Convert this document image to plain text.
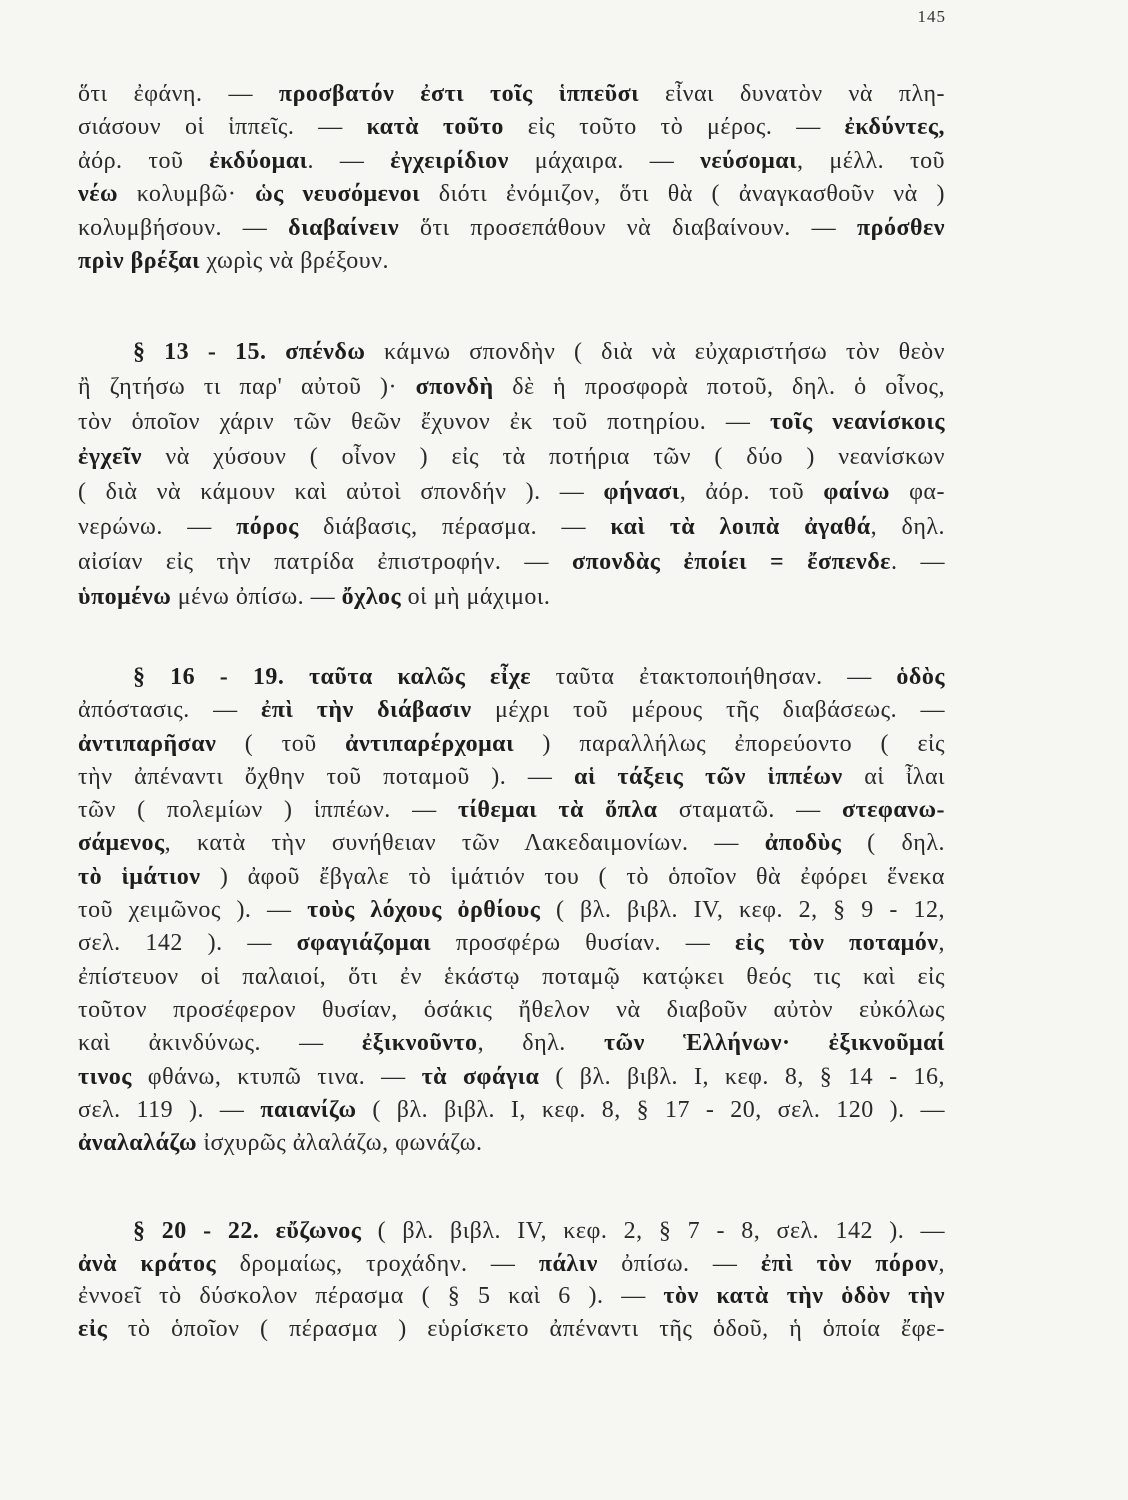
145
ὅτι ἐφάνη. — προσβατόν ἐστι τοῖς ἱππεῦσι εἶναι δυνατὸν νὰ πλη-
σιάσουν οἱ ἱππεῖς. — κατὰ τοῦτο εἰς τοῦτο τὸ μέρος. — ἐκδύντες,
ἀόρ. τοῦ ἐκδύομαι. — ἐγχειρίδιον μάχαιρα. — νεύσομαι, μέλλ. τοῦ
νέω κολυμβῶ· ὡς νευσόμενοι διότι ἐνόμιζον, ὅτι θὰ ( ἀναγκασθοῦν νὰ )
κολυμβήσουν. — διαβαίνειν ὅτι προσεπάθουν νὰ διαβαίνουν. — πρόσθεν
πρὶν βρέξαι χωρὶς νὰ βρέξουν.
§ 13 - 15. σπένδω κάμνω σπονδὴν ( διὰ νὰ εὐχαριστήσω τὸν θεὸν
ἢ ζητήσω τι παρ' αὐτοῦ )· σπονδὴ δὲ ἡ προσφορὰ ποτοῦ, δηλ. ὁ οἶνος,
τὸν ὁποῖον χάριν τῶν θεῶν ἔχυνον ἐκ τοῦ ποτηρίου. — τοῖς νεανίσκοις
ἐγχεῖν νὰ χύσουν ( οἶνον ) εἰς τὰ ποτήρια τῶν ( δύο ) νεανίσκων
( διὰ νὰ κάμουν καὶ αὐτοὶ σπονδήν ). — φήνασι, ἀόρ. τοῦ φαίνω φα-
νερώνω. — πόρος διάβασις, πέρασμα. — καὶ τὰ λοιπὰ ἀγαθά, δηλ.
αἰσίαν εἰς τὴν πατρίδα ἐπιστροφήν. — σπονδὰς ἐποίει = ἔσπενδε. —
ὑπομένω μένω ὀπίσω. — ὄχλος οἱ μὴ μάχιμοι.
§ 16 - 19. ταῦτα καλῶς εἶχε ταῦτα ἐτακτοποιήθησαν. — ὁδὸς
ἀπόστασις. — ἐπὶ τὴν διάβασιν μέχρι τοῦ μέρους τῆς διαβάσεως. —
ἀντιπαρῆσαν ( τοῦ ἀντιπαρέρχομαι ) παραλλήλως ἐπορεύοντο ( εἰς
τὴν ἀπέναντι ὄχθην τοῦ ποταμοῦ ). — αἱ τάξεις τῶν ἱππέων αἱ ἶλαι
τῶν ( πολεμίων ) ἱππέων. — τίθεμαι τὰ ὅπλα σταματῶ. — στεφανω-
σάμενος, κατὰ τὴν συνήθειαν τῶν Λακεδαιμονίων. — ἀποδὺς ( δηλ.
τὸ ἱμάτιον ) ἀφοῦ ἔβγαλε τὸ ἱμάτιόν του ( τὸ ὁποῖον θὰ ἐφόρει ἕνεκα
τοῦ χειμῶνος ). — τοὺς λόχους ὀρθίους ( βλ. βιβλ. IV, κεφ. 2, § 9 - 12,
σελ. 142 ). — σφαγιάζομαι προσφέρω θυσίαν. — εἰς τὸν ποταμόν,
ἐπίστευον οἱ παλαιοί, ὅτι ἐν ἑκάστῳ ποταμῷ κατῴκει θεός τις καὶ εἰς
τοῦτον προσέφερον θυσίαν, ὁσάκις ἤθελον νὰ διαβοῦν αὐτὸν εὐκόλως
καὶ ἀκινδύνως. — ἐξικνοῦντο, δηλ. τῶν Ἑλλήνων· ἐξικνοῦμαί
τινος φθάνω, κτυπῶ τινα. — τὰ σφάγια ( βλ. βιβλ. I, κεφ. 8, § 14 - 16,
σελ. 119 ). — παιανίζω ( βλ. βιβλ. I, κεφ. 8, § 17 - 20, σελ. 120 ). —
ἀναλαλάζω ἰσχυρῶς ἀλαλάζω, φωνάζω.
§ 20 - 22. εὔζωνος ( βλ. βιβλ. IV, κεφ. 2, § 7 - 8, σελ. 142 ). —
ἀνὰ κράτος δρομαίως, τροχάδην. — πάλιν ὀπίσω. — ἐπὶ τὸν πόρον,
ἐννοεῖ τὸ δύσκολον πέρασμα ( § 5 καὶ 6 ). — τὸν κατὰ τὴν ὁδὸν τὴν
εἰς τὸ ὁποῖον ( πέρασμα ) εὑρίσκετο ἀπέναντι τῆς ὁδοῦ, ἡ ὁποία ἔφε-
